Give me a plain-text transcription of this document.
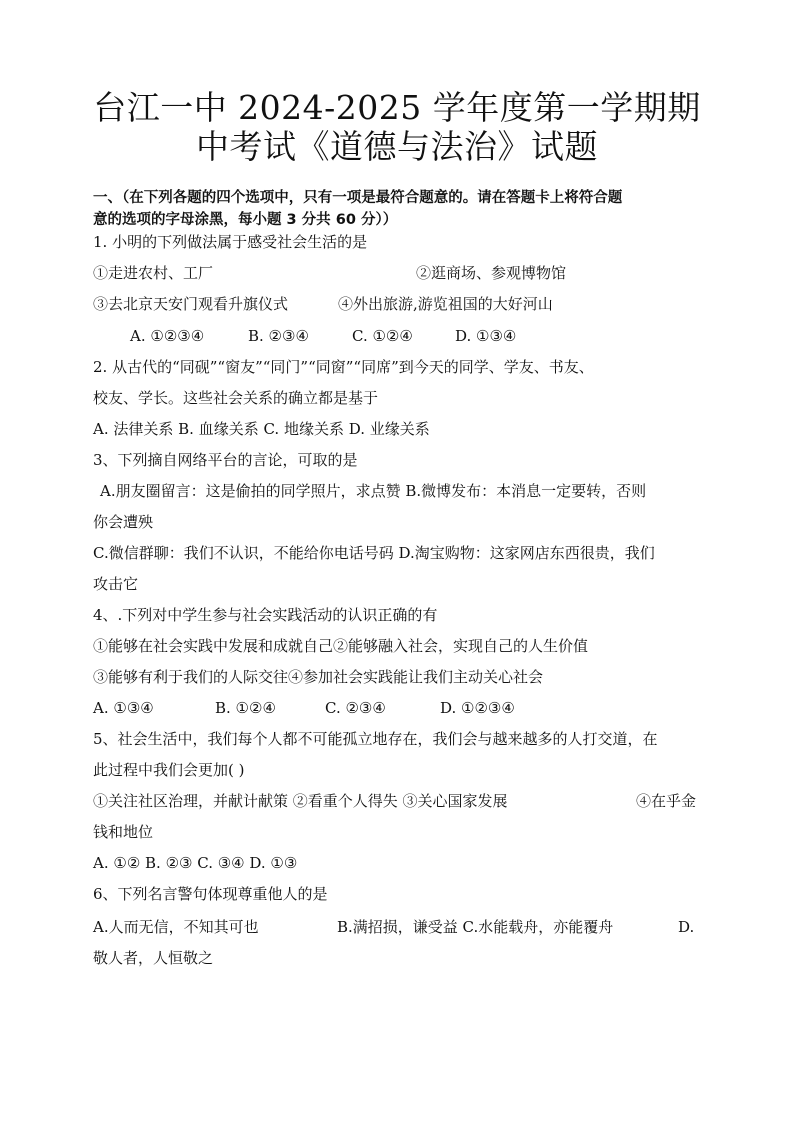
台江一中 2024-2025 学年度第一学期期
中考试《道德与法治》试题
一、（在下列各题的四个选项中，只有一项是最符合题意的。请在答题卡上将符合题
意的选项的字母涂黑，每小题 3 分共 60 分））
1. 小明的下列做法属于感受社会生活的是
①走进农村、工厂	②逛商场、参观博物馆
③去北京天安门观看升旗仪式	④外出旅游,游览祖国的大好河山
A. ①②③④	B. ②③④	C. ①②④	D. ①③④
2. 从古代的“同砚”“窗友”“同门”“同窗”“同席”到今天的同学、学友、书友、
校友、学长。这些社会关系的确立都是基于
A. 法律关系 B. 血缘关系 C. 地缘关系 D. 业缘关系
3、下列摘自网络平台的言论，可取的是
A.朋友圈留言：这是偷拍的同学照片，求点赞 B.微博发布：本消息一定要转，否则
你会遭殃
C.微信群聊：我们不认识，不能给你电话号码 D.淘宝购物：这家网店东西很贵，我们
攻击它
4、.下列对中学生参与社会实践活动的认识正确的有
①能够在社会实践中发展和成就自己②能够融入社会，实现自己的人生价值
③能够有利于我们的人际交往④参加社会实践能让我们主动关心社会
A. ①③④	B. ①②④	C. ②③④	D. ①②③④
5、社会生活中，我们每个人都不可能孤立地存在，我们会与越来越多的人打交道，在
此过程中我们会更加( )
①关注社区治理，并献计献策 ②看重个人得失 ③关心国家发展	④在乎金
钱和地位
A. ①② B. ②③ C. ③④ D. ①③
6、下列名言警句体现尊重他人的是
A.人而无信，不知其可也	B.满招损，谦受益 C.水能载舟，亦能覆舟	D.
敬人者，人恒敬之
